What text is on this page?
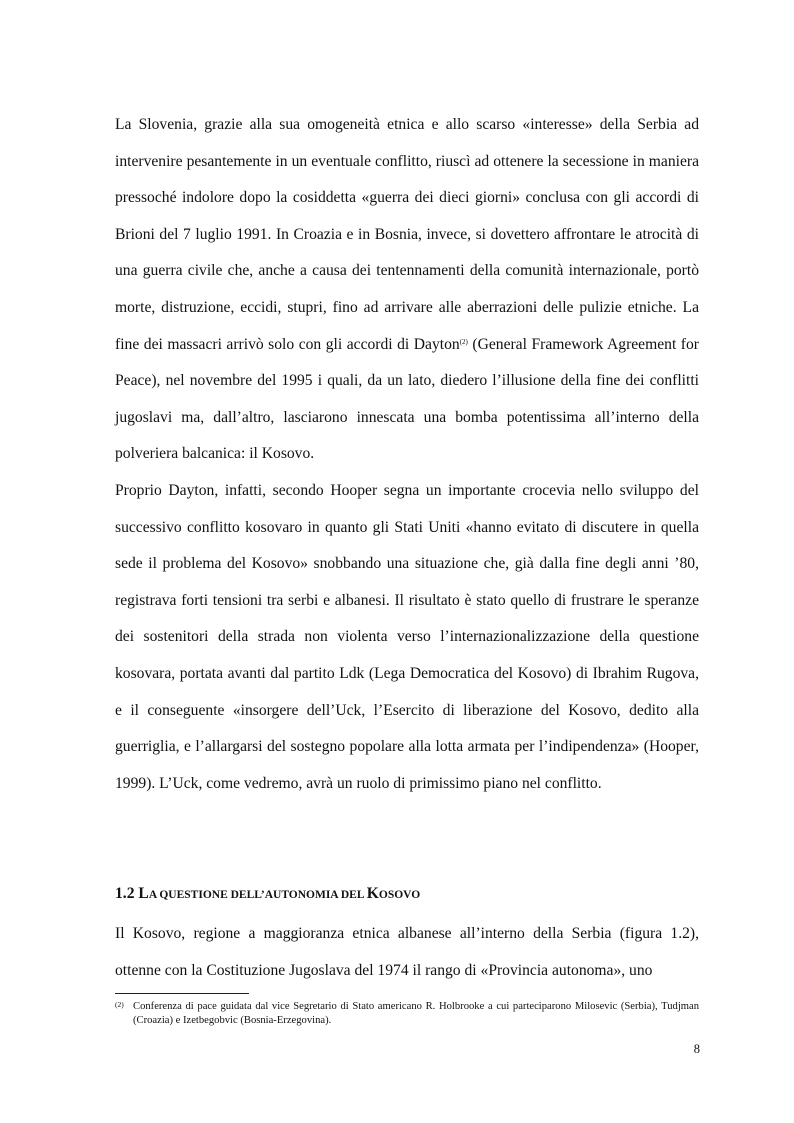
La Slovenia, grazie alla sua omogeneità etnica e allo scarso «interesse» della Serbia ad intervenire pesantemente in un eventuale conflitto, riuscì ad ottenere la secessione in maniera pressoché indolore dopo la cosiddetta «guerra dei dieci giorni» conclusa con gli accordi di Brioni del 7 luglio 1991. In Croazia e in Bosnia, invece, si dovettero affrontare le atrocità di una guerra civile che, anche a causa dei tentennamenti della comunità internazionale, portò morte, distruzione, eccidi, stupri, fino ad arrivare alle aberrazioni delle pulizie etniche. La fine dei massacri arrivò solo con gli accordi di Dayton$^{(2)}$ (General Framework Agreement for Peace), nel novembre del 1995 i quali, da un lato, diedero l’illusione della fine dei conflitti jugoslavi ma, dall’altro, lasciarono innescata una bomba potentissima all’interno della polveriera balcanica: il Kosovo.

Proprio Dayton, infatti, secondo Hooper segna un importante crocevia nello sviluppo del successivo conflitto kosovaro in quanto gli Stati Uniti «hanno evitato di discutere in quella sede il problema del Kosovo» snobbando una situazione che, già dalla fine degli anni ’80, registrava forti tensioni tra serbi e albanesi. Il risultato è stato quello di frustrare le speranze dei sostenitori della strada non violenta verso l’internazionalizzazione della questione kosovara, portata avanti dal partito Ldk (Lega Democratica del Kosovo) di Ibrahim Rugova, e il conseguente «insorgere dell’Uck, l’Esercito di liberazione del Kosovo, dedito alla guerriglia, e l’allargarsi del sostegno popolare alla lotta armata per l’indipendenza» (Hooper, 1999). L’Uck, come vedremo, avrà un ruolo di primissimo piano nel conflitto.

1.2 LA QUESTIONE DELL’AUTONOMIA DEL KOSOVO

Il Kosovo, regione a maggioranza etnica albanese all’interno della Serbia (figura 1.2), ottenne con la Costituzione Jugoslava del 1974 il rango di «Provincia autonoma», uno

(2) Conferenza di pace guidata dal vice Segretario di Stato americano R. Holbrooke a cui parteciparono Milosevic (Serbia), Tudjman (Croazia) e Izetbegobvic (Bosnia-Erzegovina).

8
